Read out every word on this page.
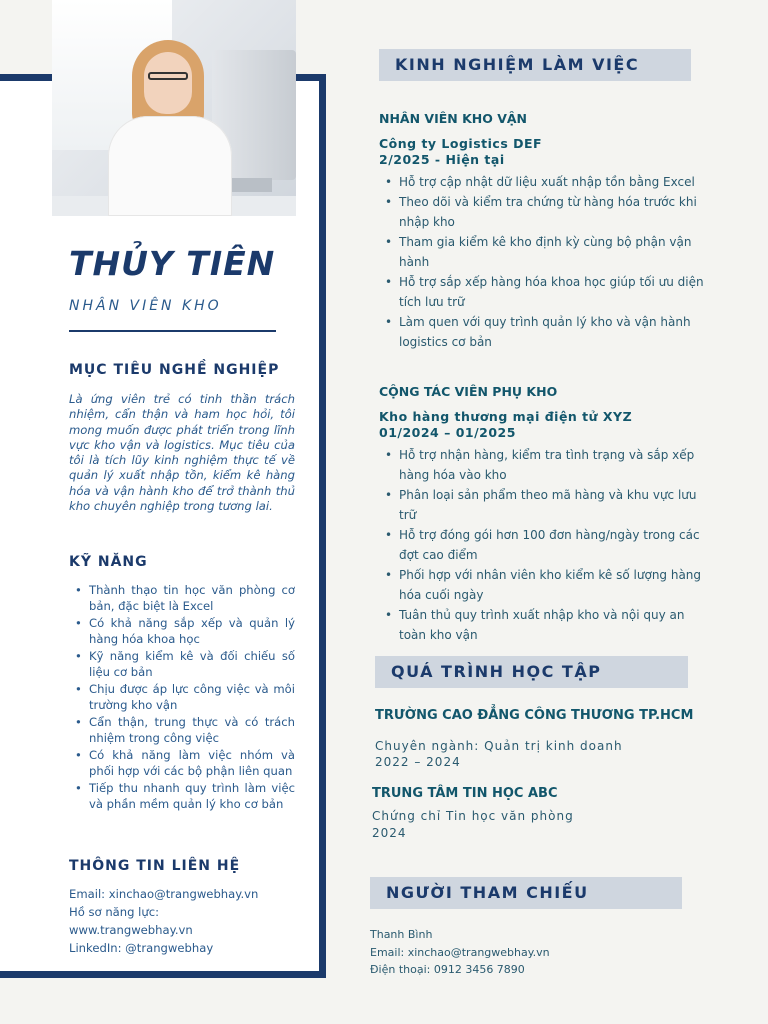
THỦY TIÊN
NHÂN VIÊN KHO
MỤC TIÊU NGHỀ NGHIỆP

Là ứng viên trẻ có tinh thần trách nhiệm, cẩn thận và ham học hỏi, tôi mong muốn được phát triển trong lĩnh vực kho vận và logistics. Mục tiêu của tôi là tích lũy kinh nghiệm thực tế về quản lý xuất nhập tồn, kiểm kê hàng hóa và vận hành kho để trở thành thủ kho chuyên nghiệp trong tương lai.

KỸ NĂNG
• Thành thạo tin học văn phòng cơ bản, đặc biệt là Excel
• Có khả năng sắp xếp và quản lý hàng hóa khoa học
• Kỹ năng kiểm kê và đối chiếu số liệu cơ bản
• Chịu được áp lực công việc và môi trường kho vận
• Cẩn thận, trung thực và có trách nhiệm trong công việc
• Có khả năng làm việc nhóm và phối hợp với các bộ phận liên quan
• Tiếp thu nhanh quy trình làm việc và phần mềm quản lý kho cơ bản
THÔNG TIN LIÊN HỆ
Email: xinchao@trangwebhay.vn
Hồ sơ năng lực:
www.trangwebhay.vn
LinkedIn: @trangwebhay
KINH NGHIỆM LÀM VIỆC
NHÂN VIÊN KHO VẬN
Công ty Logistics DEF
2/2025 - Hiện tại
• Hỗ trợ cập nhật dữ liệu xuất nhập tồn bằng Excel
• Theo dõi và kiểm tra chứng từ hàng hóa trước khi nhập kho
• Tham gia kiểm kê kho định kỳ cùng bộ phận vận hành
• Hỗ trợ sắp xếp hàng hóa khoa học giúp tối ưu diện tích lưu trữ
• Làm quen với quy trình quản lý kho và vận hành logistics cơ bản
CỘNG TÁC VIÊN PHỤ KHO
Kho hàng thương mại điện tử XYZ
01/2024 – 01/2025
• Hỗ trợ nhận hàng, kiểm tra tình trạng và sắp xếp hàng hóa vào kho
• Phân loại sản phẩm theo mã hàng và khu vực lưu trữ
• Hỗ trợ đóng gói hơn 100 đơn hàng/ngày trong các đợt cao điểm
• Phối hợp với nhân viên kho kiểm kê số lượng hàng hóa cuối ngày
• Tuân thủ quy trình xuất nhập kho và nội quy an toàn kho vận
QUÁ TRÌNH HỌC TẬP
TRƯỜNG CAO ĐẲNG CÔNG THƯƠNG TP.HCM
Chuyên ngành: Quản trị kinh doanh
2022 – 2024
TRUNG TÂM TIN HỌC ABC
Chứng chỉ Tin học văn phòng
2024
NGƯỜI THAM CHIẾU
Thanh Bình
Email: xinchao@trangwebhay.vn
Điện thoại: 0912 3456 7890
